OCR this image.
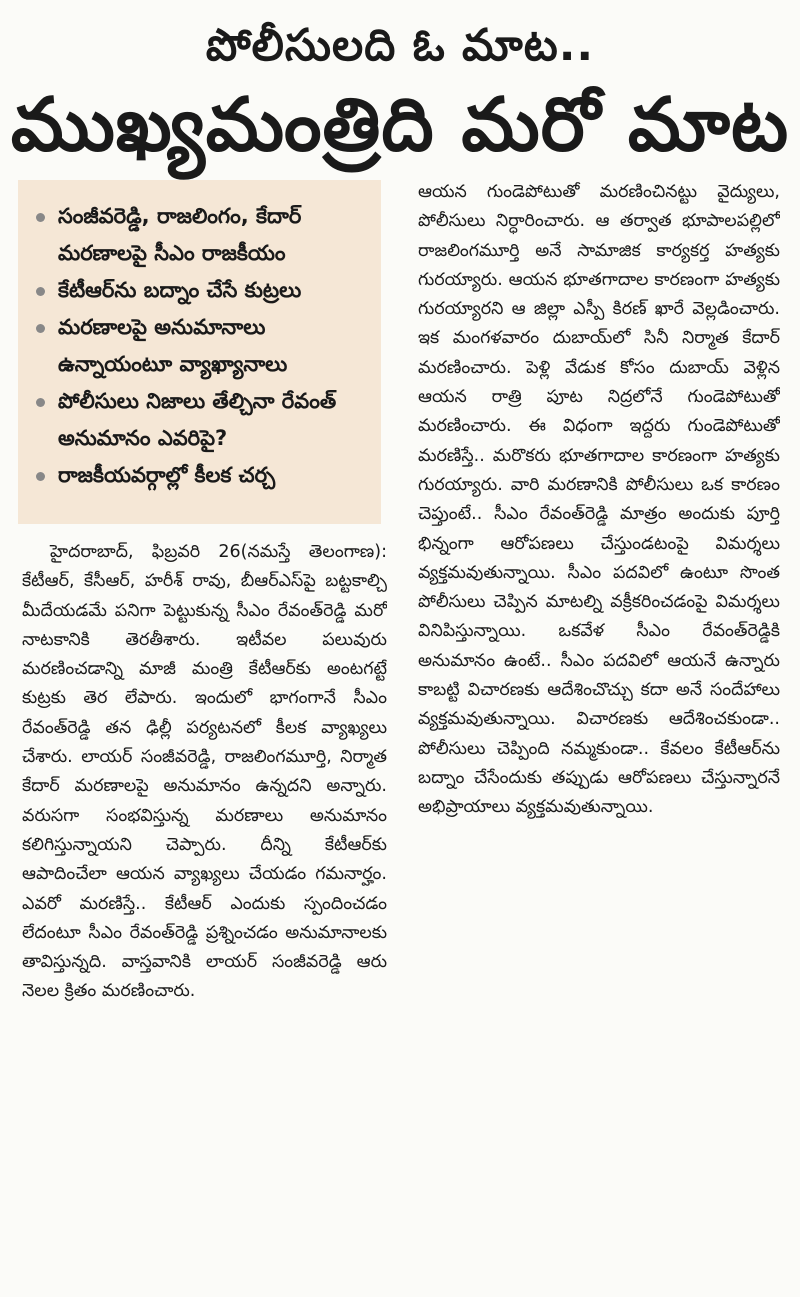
పోలీసులది ఓ మాట..
ముఖ్యమంత్రిది మరో మాట
సంజీవరెడ్డి, రాజలింగం, కేదార్ మరణాలపై సీఎం రాజకీయం
కేటీఆర్‌ను బద్నాం చేసే కుట్రలు
మరణాలపై అనుమానాలు ఉన్నాయంటూ వ్యాఖ్యానాలు
పోలీసులు నిజాలు తేల్చినా రేవంత్ అనుమానం ఎవరిపై?
రాజకీయవర్గాల్లో కీలక చర్చ
హైదరాబాద్, ఫిబ్రవరి 26(నమస్తే తెలంగాణ): కేటీఆర్, కేసీఆర్, హరీశ్ రావు, బీఆర్ఎస్‌పై బట్టకాల్చి మీదేయడమే పనిగా పెట్టుకున్న సీఎం రేవంత్‌రెడ్డి మరో నాటకానికి తెరతీశారు. ఇటీవల పలువురు మరణించడాన్ని మాజీ మంత్రి కేటీఆర్‌కు అంటగట్టే కుట్రకు తెర లేపారు. ఇందులో భాగంగానే సీఎం రేవంత్‌రెడ్డి తన ఢిల్లీ పర్యటనలో కీలక వ్యాఖ్యలు చేశారు. లాయర్ సంజీవరెడ్డి, రాజలింగమూర్తి, నిర్మాత కేదార్ మరణాలపై అనుమానం ఉన్నదని అన్నారు. వరుసగా సంభవిస్తున్న మరణాలు అనుమానం కలిగిస్తున్నాయని చెప్పారు. దీన్ని కేటీఆర్‌కు ఆపాదించేలా ఆయన వ్యాఖ్యలు చేయడం గమనార్హం. ఎవరో మరణిస్తే.. కేటీఆర్ ఎందుకు స్పందించడం లేదంటూ సీఎం రేవంత్‌రెడ్డి ప్రశ్నించడం అనుమానాలకు తావిస్తున్నది. వాస్తవానికి లాయర్ సంజీవరెడ్డి ఆరు నెలల క్రితం మరణించారు.
ఆయన గుండెపోటుతో మరణించినట్టు వైద్యులు, పోలీసులు నిర్ధారించారు. ఆ తర్వాత భూపాలపల్లిలో రాజలింగమూర్తి అనే సామాజిక కార్యకర్త హత్యకు గురయ్యారు. ఆయన భూతగాదాల కారణంగా హత్యకు గురయ్యారని ఆ జిల్లా ఎస్పీ కిరణ్ ఖారే వెల్లడించారు. ఇక మంగళవారం దుబాయ్‌లో సినీ నిర్మాత కేదార్ మరణించారు. పెళ్లి వేడుక కోసం దుబాయ్ వెళ్లిన ఆయన రాత్రి పూట నిద్రలోనే గుండెపోటుతో మరణించారు. ఈ విధంగా ఇద్దరు గుండెపోటుతో మరణిస్తే.. మరొకరు భూతగాదాల కారణంగా హత్యకు గురయ్యారు. వారి మరణానికి పోలీసులు ఒక కారణం చెప్తుంటే.. సీఎం రేవంత్‌రెడ్డి మాత్రం అందుకు పూర్తి భిన్నంగా ఆరోపణలు చేస్తుండటంపై విమర్శలు వ్యక్తమవుతున్నాయి. సీఎం పదవిలో ఉంటూ సొంత పోలీసులు చెప్పిన మాటల్ని వక్రీకరించడంపై విమర్శలు వినిపిస్తున్నాయి. ఒకవేళ సీఎం రేవంత్‌రెడ్డికి అనుమానం ఉంటే.. సీఎం పదవిలో ఆయనే ఉన్నారు కాబట్టి విచారణకు ఆదేశించొచ్చు కదా అనే సందేహాలు వ్యక్తమవుతున్నాయి. విచారణకు ఆదేశించకుండా.. పోలీసులు చెప్పింది నమ్మకుండా.. కేవలం కేటీఆర్‌ను బద్నాం చేసేందుకు తప్పుడు ఆరోపణలు చేస్తున్నారనే అభిప్రాయాలు వ్యక్తమవుతున్నాయి.
